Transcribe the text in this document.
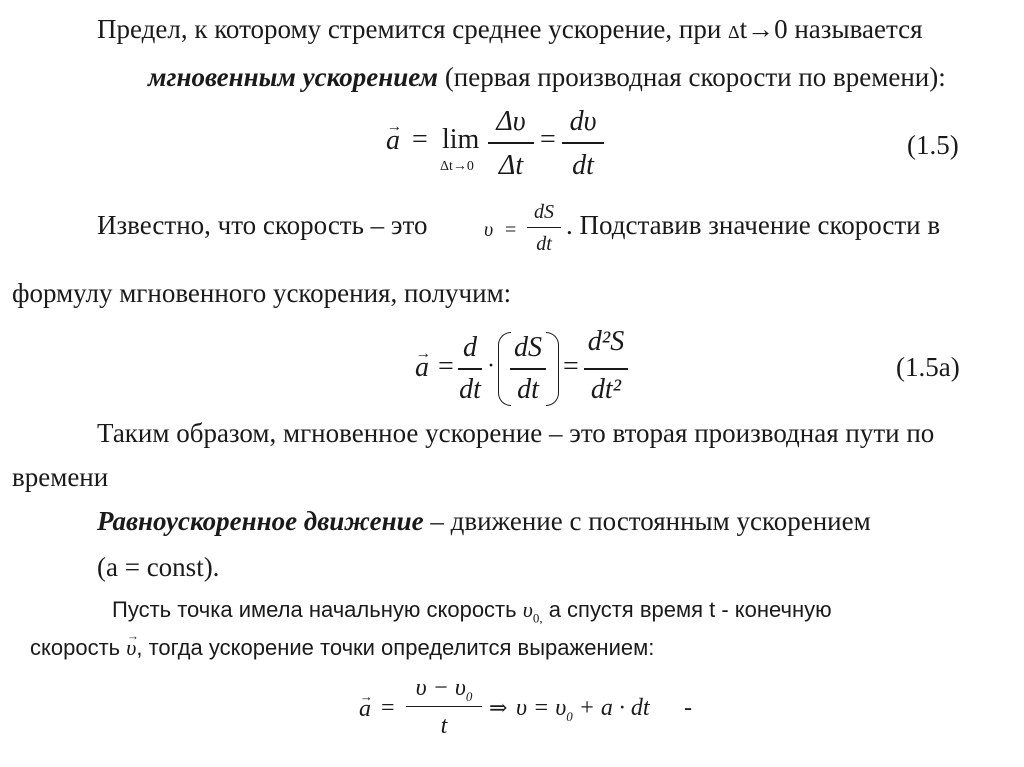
Предел, к которому стремится среднее ускорение, при Δt→0 называется
мгновенным ускорением (первая производная скорости по времени):
→ a = lim
Δt→0
Δυ
Δt
=
dυ
dt
(1.5)
Известно, что скорость – это	υ =
dS
dt
. Подставив значение скорости в
формулу мгновенного ускорения, получим:
→ a =
d
dt
·
dS
dt
=
d²S
dt²
(1.5а)
Таким образом, мгновенное ускорение – это вторая производная пути по
времени
Равноускоренное движение – движение с постоянным ускорением
(a = const).
Пусть точка имела начальную скорость $\upsilon_{0,}$ а спустя время t - конечную
скорость → υ, тогда ускорение точки определится выражением:
→ a =
$\upsilon - \upsilon_0$
t
⇒ $\upsilon = \upsilon_0 + a$ · dt -
